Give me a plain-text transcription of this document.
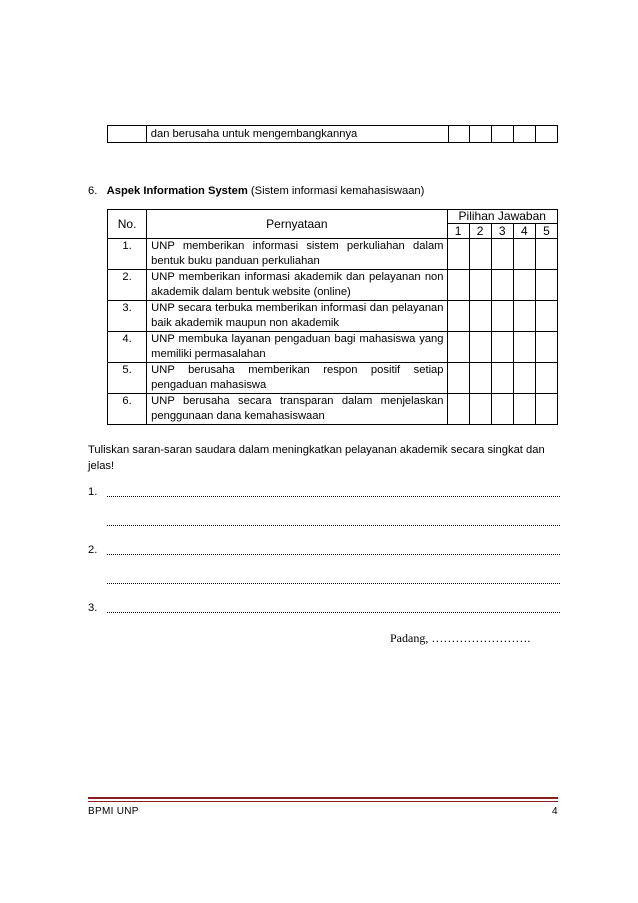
	dan berusaha untuk mengembangkannya					
6. Aspek Information System (Sistem informasi kemahasiswaan)
No.	Pernyataan	Pilihan Jawaban				
		1	2	3	4	5
1.	UNP memberikan informasi sistem perkuliahan dalam bentuk buku panduan perkuliahan					
2.	UNP memberikan informasi akademik dan pelayanan non akademik dalam bentuk website (online)					
3.	UNP secara terbuka memberikan informasi dan pelayanan baik akademik maupun non akademik					
4.	UNP membuka layanan pengaduan bagi mahasiswa yang memiliki permasalahan					
5.	UNP berusaha memberikan respon positif setiap pengaduan mahasiswa					
6.	UNP berusaha secara transparan dalam menjelaskan penggunaan dana kemahasiswaan					
Tuliskan saran-saran saudara dalam meningkatkan pelayanan akademik secara singkat dan jelas!
1.
2.
3.
Padang, …………………….
BPMI UNP	4
